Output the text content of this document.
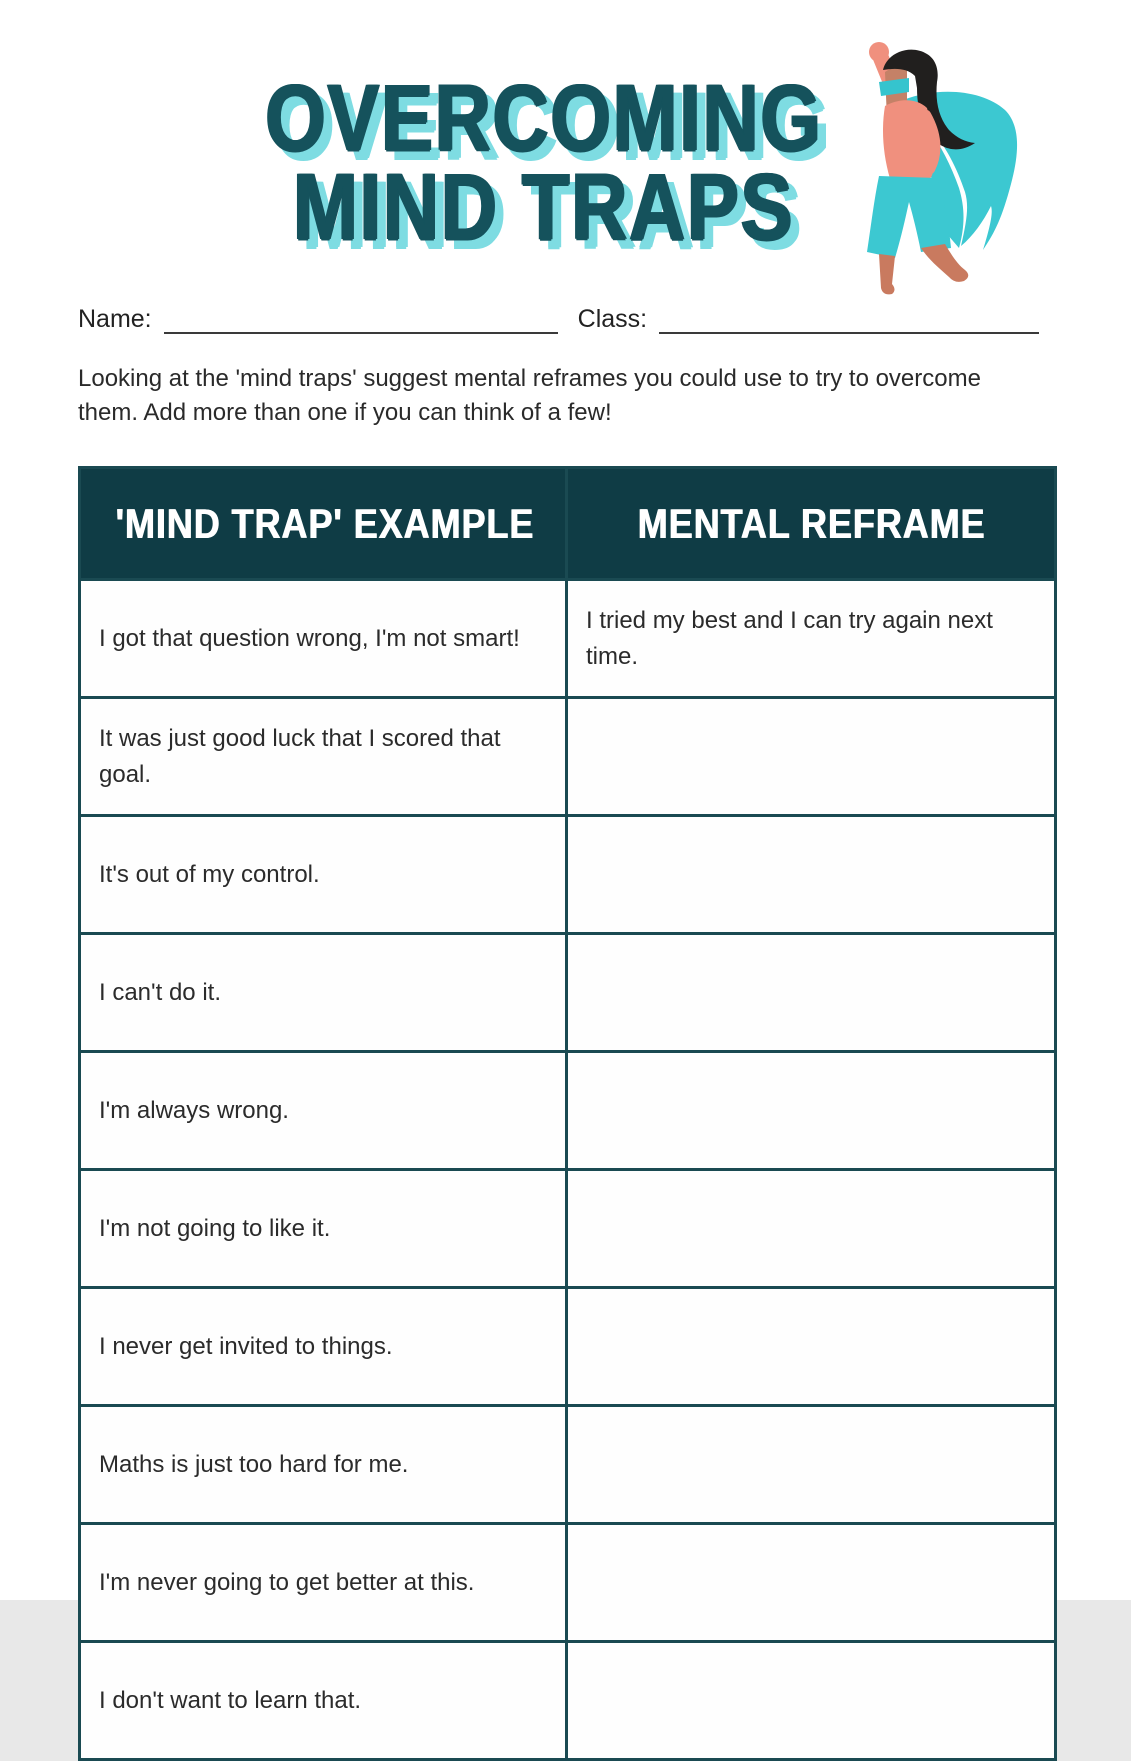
OVERCOMING
MIND TRAPS
Name:	Class:

Looking at the 'mind traps' suggest mental reframes you could use to try to overcome
them. Add more than one if you can think of a few!

'MIND TRAP' EXAMPLE	MENTAL REFRAME
I got that question wrong, I'm not smart!	I tried my best and I can try again next time.
It was just good luck that I scored that goal.	
It's out of my control.	
I can't do it.	
I'm always wrong.	
I'm not going to like it.	
I never get invited to things.	
Maths is just too hard for me.	
I'm never going to get better at this.	
I don't want to learn that.	
